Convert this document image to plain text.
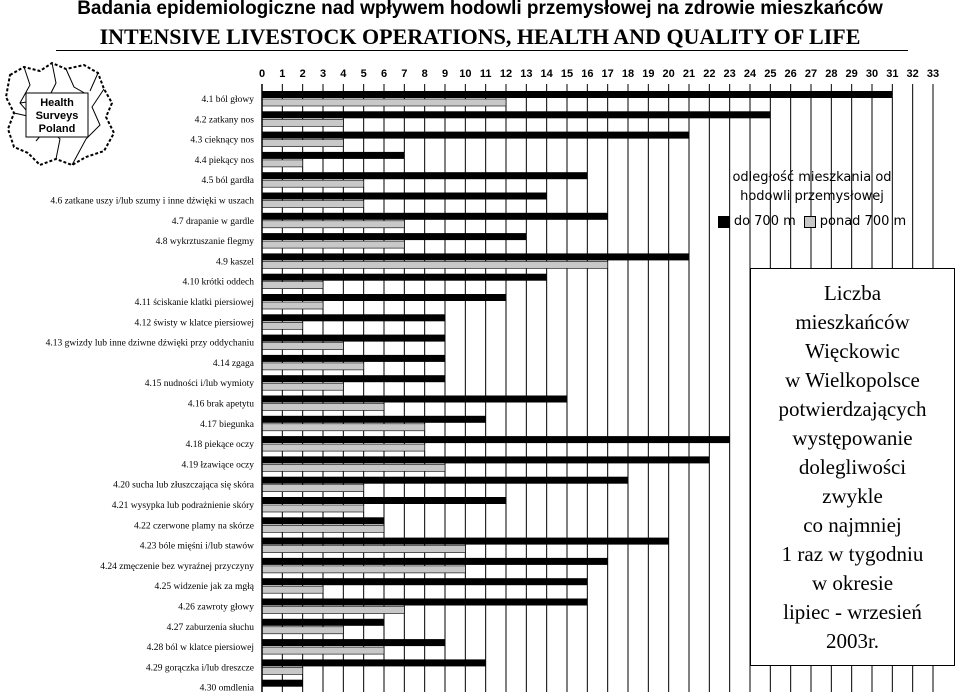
Badania epidemiologiczne nad wpływem hodowli przemysłowej na zdrowie mieszkańców
INTENSIVE LIVESTOCK OPERATIONS, HEALTH AND QUALITY OF LIFE
Health
Surveys
Poland
0 1 2 3 4 5 6 7 8 9 10 11 12 13 14 15 16 17 18 19 20 21 22 23 24 25 26 27 28 29 30 31 32 33
4.1 ból głowy
4.2 zatkany nos
4.3 cieknący nos
4.4 piekący nos
4.5 ból gardła
4.6 zatkane uszy i/lub szumy i inne dźwięki w uszach
4.7 drapanie w gardle
4.8 wykrztuszanie flegmy
4.9 kaszel
4.10 krótki oddech
4.11 ściskanie klatki piersiowej
4.12 świsty w klatce piersiowej
4.13 gwizdy lub inne dziwne dźwięki przy oddychaniu
4.14 zgaga
4.15 nudności i/lub wymioty
4.16 brak apetytu
4.17 biegunka
4.18 piekące oczy
4.19 łzawiące oczy
4.20 sucha lub złuszczająca się skóra
4.21 wysypka lub podrażnienie skóry
4.22 czerwone plamy na skórze
4.23 bóle mięśni i/lub stawów
4.24 zmęczenie bez wyraźnej przyczyny
4.25 widzenie jak za mgłą
4.26 zawroty głowy
4.27 zaburzenia słuchu
4.28 ból w klatce piersiowej
4.29 gorączka i/lub dreszcze
4.30 omdlenia
odległość mieszkania od hodowli przemysłowej
do 700 m ponad 700 m
Liczba
mieszkańców
Więckowic
w Wielkopolsce
potwierdzających
występowanie
dolegliwości
zwykle
co najmniej
1 raz w tygodniu
w okresie
lipiec - wrzesień
2003r.
